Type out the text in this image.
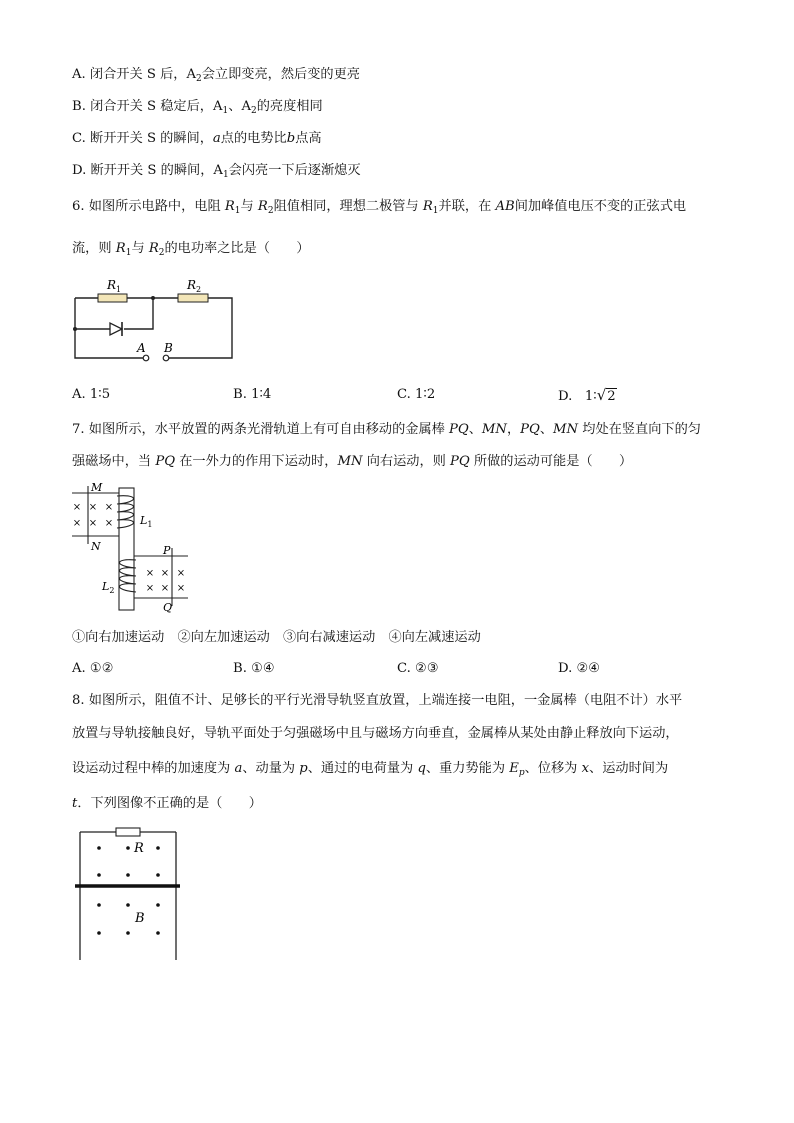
A. 闭合开关 S 后，$A_2$会立即变亮，然后变的更亮
B. 闭合开关 S 稳定后，$A_1$、$A_2$的亮度相同
C. 断开开关 S 的瞬间，a点的电势比b点高
D. 断开开关 S 的瞬间，$A_1$会闪亮一下后逐渐熄灭
6. 如图所示电路中，电阻 $R_1$与 $R_2$阻值相同，理想二极管与 $R_1$并联，在 AB间加峰值电压不变的正弦式电
流，则 $R_1$与 $R_2$的电功率之比是（　　）
$R_1$	$R_2$
A B
A. 1∶5	B. 1∶4	C. 1∶2	D. 1∶√2
7. 如图所示，水平放置的两条光滑轨道上有可自由移动的金属棒 PQ、MN，PQ、MN 均处在竖直向下的匀
强磁场中，当 PQ 在一外力的作用下运动时，MN 向右运动，则 PQ 所做的运动可能是（　　）
× × ×
× × ×
× × ×
× × ×
M
N	P
Q
$L_1$
$L_2$
①向右加速运动　②向左加速运动　③向右减速运动　④向左减速运动
A. ①②	B. ①④	C. ②③	D. ②④
8. 如图所示，阻值不计、足够长的平行光滑导轨竖直放置，上端连接一电阻，一金属棒（电阻不计）水平
放置与导轨接触良好，导轨平面处于匀强磁场中且与磁场方向垂直，金属棒从某处由静止释放向下运动，
设运动过程中棒的加速度为 a、动量为 p、通过的电荷量为 q、重力势能为 $E_p$、位移为 x、运动时间为
t．下列图像不正确的是（　　）
R
B
